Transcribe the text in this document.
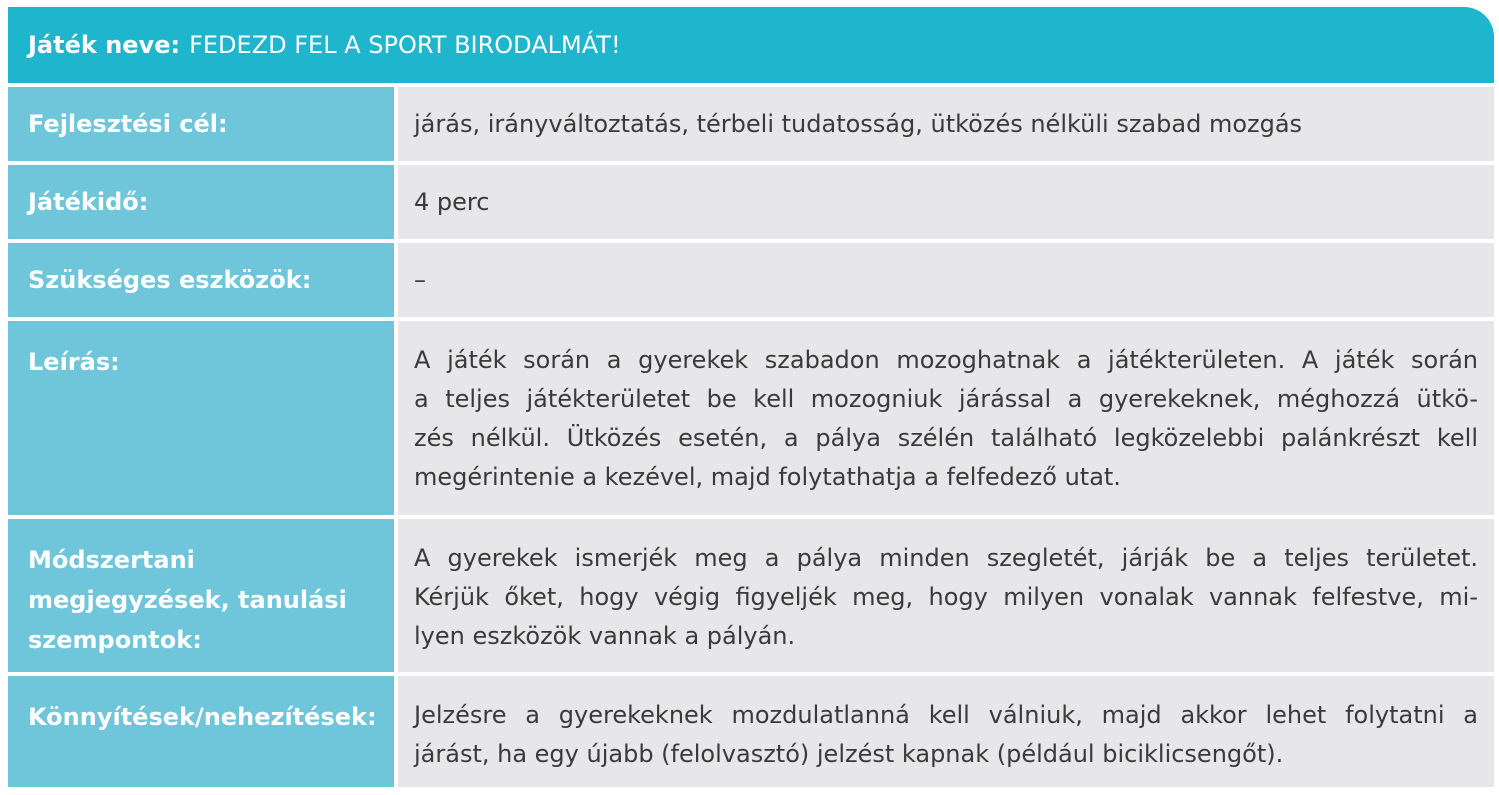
Játék neve: FEDEZD FEL A SPORT BIRODALMÁT!
Fejlesztési cél:	járás, irányváltoztatás, térbeli tudatosság, ütközés nélküli szabad mozgás
Játékidő:	4 perc
Szükséges eszközök:	–
Leírás:	A játék során a gyerekek szabadon mozoghatnak a játékterületen. A játék során
a teljes játékterületet be kell mozogniuk járással a gyerekeknek, méghozzá ütkö-
zés nélkül. Ütközés esetén, a pálya szélén található legközelebbi palánkrészt kell
megérintenie a kezével, majd folytathatja a felfedező utat.
Módszertani
megjegyzések, tanulási
szempontok:
A gyerekek ismerjék meg a pálya minden szegletét, járják be a teljes területet.
Kérjük őket, hogy végig figyeljék meg, hogy milyen vonalak vannak felfestve, mi-
lyen eszközök vannak a pályán.
Könnyítések/nehezítések: Jelzésre a gyerekeknek mozdulatlanná kell válniuk, majd akkor lehet folytatni a
járást, ha egy újabb (felolvasztó) jelzést kapnak (például biciklicsengőt).
